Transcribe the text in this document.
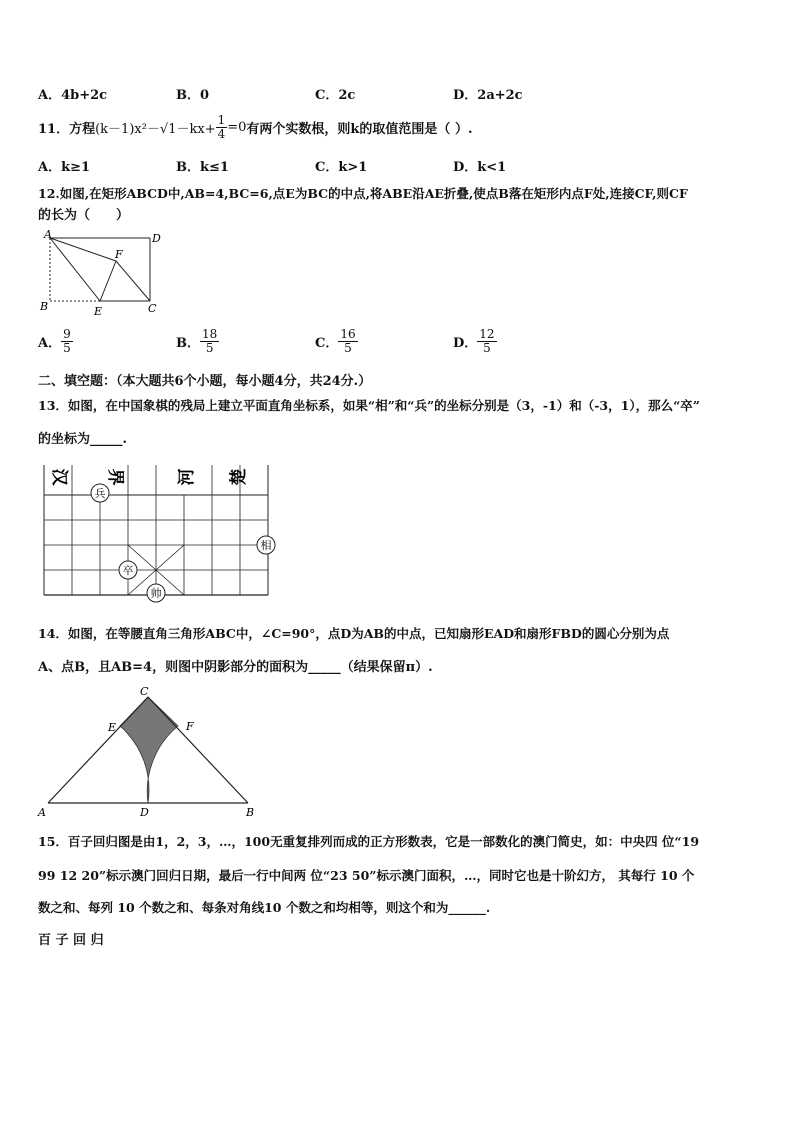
A．4b+2c	B．0	C．2c	D．2a+2c
11．方程 $(k-1)x^2-√1-kx+ \frac{1}{4} =0$ 有两个实数根，则k的取值范围是（ ）.
A．k≥1	B．k≤1	C．k>1	D．k<1
12.如图,在矩形ABCD中,AB=4,BC=6,点E为BC的中点,将ABE沿AE折叠,使点B落在矩形内点F处,连接CF,则CF
的长为（　　）
A	D
B	E	C
F
A． $\frac{9}{5}$	B． $\frac{18}{5}$	C． $\frac{16}{5}$	D． $\frac{12}{5}$
二、填空题：（本大题共6个小题，每小题4分，共24分.）
13．如图，在中国象棋的残局上建立平面直角坐标系，如果“相”和“兵”的坐标分别是（3，-1）和（-3，1），那么“卒”
的坐标为_____.
汉 界	河 楚
兵
相
卒
帅
14．如图，在等腰直角三角形ABC中，∠C=90°，点D为AB的中点，已知扇形EAD和扇形FBD的圆心分别为点
A、点B，且AB=4，则图中阴影部分的面积为_____（结果保留π）.
C
E	F
A	D	B
15．百子回归图是由1，2，3，…，100无重复排列而成的正方形数表，它是一部数化的澳门简史，如：中央四 位“19
99 12 20”标示澳门回归日期，最后一行中间两 位“23 50”标示澳门面积，…，同时它也是十阶幻方， 其每行 10 个
数之和、每列 10 个数之和、每条对角线10 个数之和均相等，则这个和为______.
百 子 回 归
